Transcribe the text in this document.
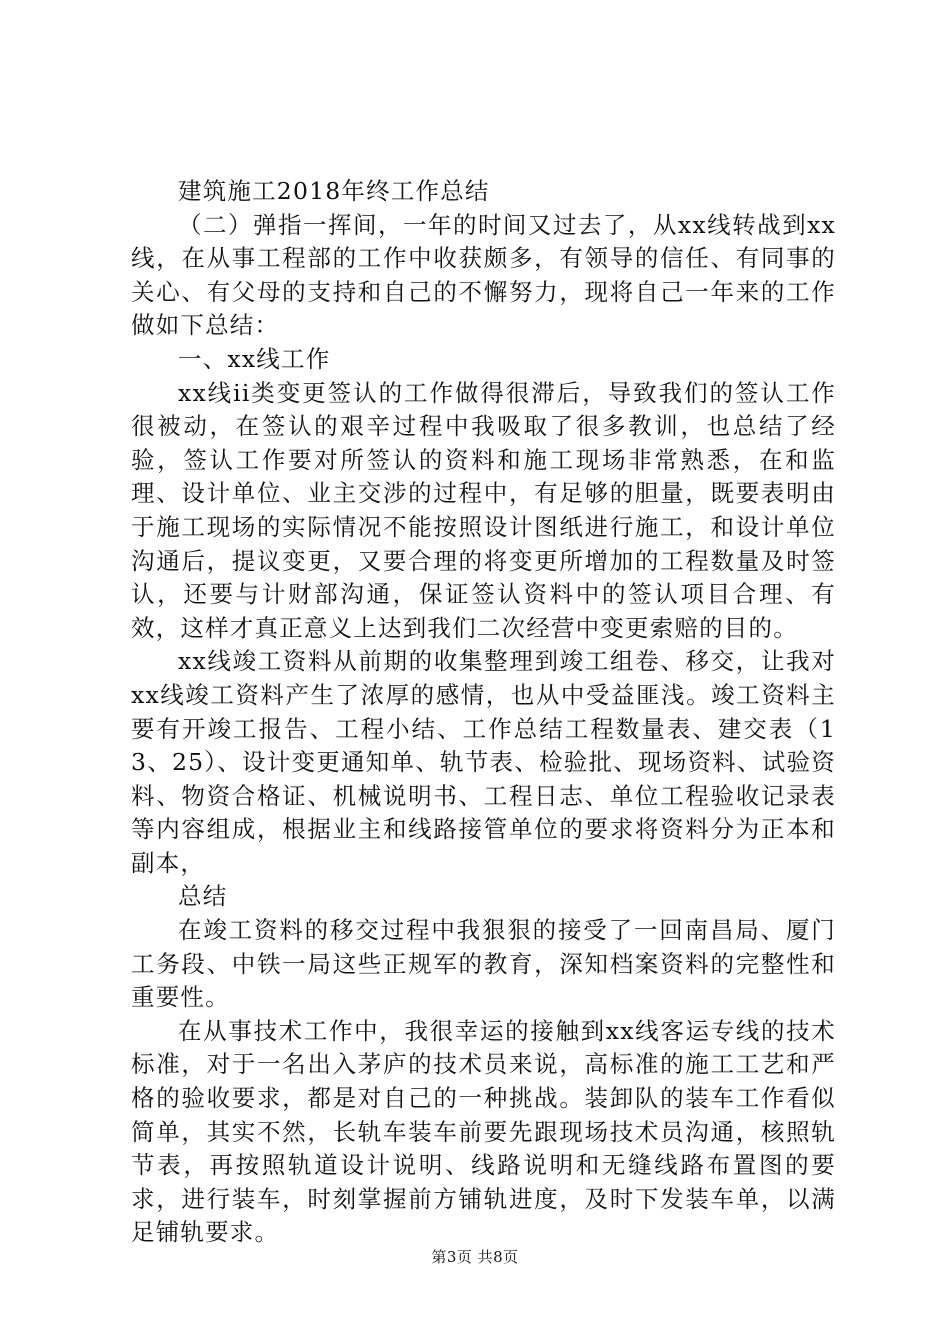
建筑施工2018年终工作总结

（二）弹指一挥间，一年的时间又过去了，从xx线转战到xx线，在从事工程部的工作中收获颇多，有领导的信任、有同事的关心、有父母的支持和自己的不懈努力，现将自己一年来的工作做如下总结：

一、xx线工作

xx线ii类变更签认的工作做得很滞后，导致我们的签认工作很被动，在签认的艰辛过程中我吸取了很多教训，也总结了经验，签认工作要对所签认的资料和施工现场非常熟悉，在和监理、设计单位、业主交涉的过程中，有足够的胆量，既要表明由于施工现场的实际情况不能按照设计图纸进行施工，和设计单位沟通后，提议变更，又要合理的将变更所增加的工程数量及时签认，还要与计财部沟通，保证签认资料中的签认项目合理、有效，这样才真正意义上达到我们二次经营中变更索赔的目的。

xx线竣工资料从前期的收集整理到竣工组卷、移交，让我对xx线竣工资料产生了浓厚的感情，也从中受益匪浅。竣工资料主要有开竣工报告、工程小结、工作总结工程数量表、建交表（13、25）、设计变更通知单、轨节表、检验批、现场资料、试验资料、物资合格证、机械说明书、工程日志、单位工程验收记录表等内容组成，根据业主和线路接管单位的要求将资料分为正本和副本，

总结

在竣工资料的移交过程中我狠狠的接受了一回南昌局、厦门工务段、中铁一局这些正规军的教育，深知档案资料的完整性和重要性。

在从事技术工作中，我很幸运的接触到xx线客运专线的技术标准，对于一名出入茅庐的技术员来说，高标准的施工工艺和严格的验收要求，都是对自己的一种挑战。装卸队的装车工作看似简单，其实不然，长轨车装车前要先跟现场技术员沟通，核照轨节表，再按照轨道设计说明、线路说明和无缝线路布置图的要求，进行装车，时刻掌握前方铺轨进度，及时下发装车单，以满足铺轨要求。

第3页 共8页
